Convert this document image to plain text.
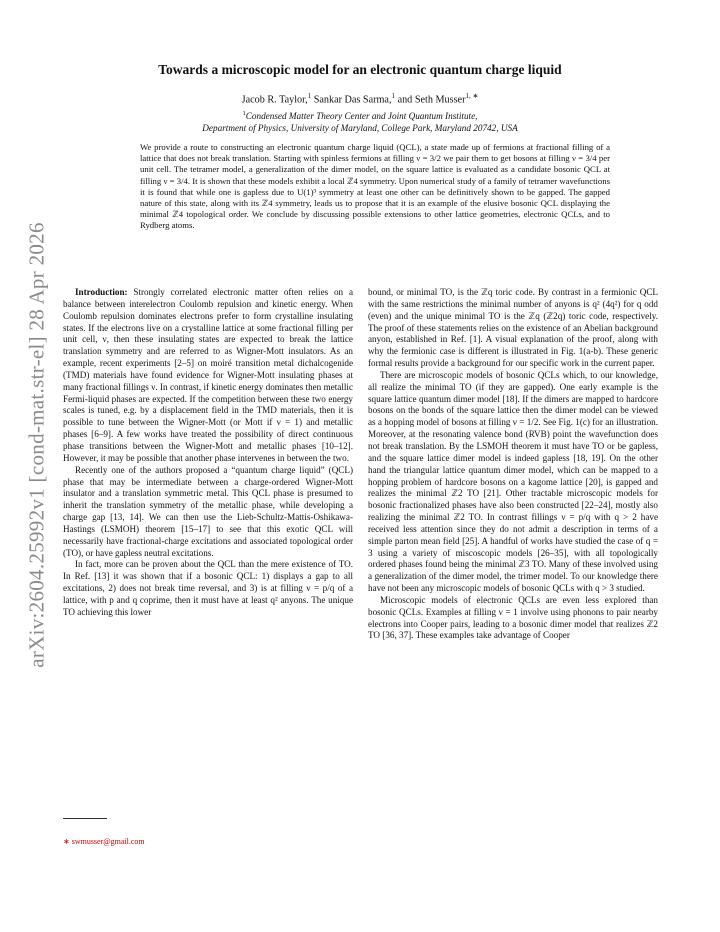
arXiv:2604.25992v1 [cond-mat.str-el] 28 Apr 2026
Towards a microscopic model for an electronic quantum charge liquid
Jacob R. Taylor,$^1$ Sankar Das Sarma,$^1$ and Seth Musser$^{1, ∗}$
$^1$Condensed Matter Theory Center and Joint Quantum Institute,
Department of Physics, University of Maryland, College Park, Maryland 20742, USA
We provide a route to constructing an electronic quantum charge liquid (QCL), a state made up of fermions at fractional filling of a lattice that does not break translation. Starting with spinless fermions at filling ν = 3/2 we pair them to get bosons at filling ν = 3/4 per unit cell. The tetramer model, a generalization of the dimer model, on the square lattice is evaluated as a candidate bosonic QCL at filling ν = 3/4. It is shown that these models exhibit a local ℤ4 symmetry. Upon numerical study of a family of tetramer wavefunctions it is found that while one is gapless due to U(1)³ symmetry at least one other can be definitively shown to be gapped. The gapped nature of this state, along with its ℤ4 symmetry, leads us to propose that it is an example of the elusive bosonic QCL displaying the minimal ℤ4 topological order. We conclude by discussing possible extensions to other lattice geometries, electronic QCLs, and to Rydberg atoms.

Introduction: Strongly correlated electronic matter often relies on a balance between interelectron Coulomb repulsion and kinetic energy. When Coulomb repulsion dominates electrons prefer to form crystalline insulating states. If the electrons live on a crystalline lattice at some fractional filling per unit cell, ν, then these insulating states are expected to break the lattice translation symmetry and are referred to as Wigner-Mott insulators. As an example, recent experiments [2–5] on moiré transition metal dichalcogenide (TMD) materials have found evidence for Wigner-Mott insulating phases at many fractional fillings ν. In contrast, if kinetic energy dominates then metallic Fermi-liquid phases are expected. If the competition between these two energy scales is tuned, e.g. by a displacement field in the TMD materials, then it is possible to tune between the Wigner-Mott (or Mott if ν = 1) and metallic phases [6–9]. A few works have treated the possibility of direct continuous phase transitions between the Wigner-Mott and metallic phases [10–12]. However, it may be possible that another phase intervenes in between the two.

Recently one of the authors proposed a “quantum charge liquid” (QCL) phase that may be intermediate between a charge-ordered Wigner-Mott insulator and a translation symmetric metal. This QCL phase is presumed to inherit the translation symmetry of the metallic phase, while developing a charge gap [13, 14]. We can then use the Lieb-Schultz-Mattis-Oshikawa-Hastings (LSMOH) theorem [15–17] to see that this exotic QCL will necessarily have fractional-charge excitations and associated topological order (TO), or have gapless neutral excitations.

In fact, more can be proven about the QCL than the mere existence of TO. In Ref. [13] it was shown that if a bosonic QCL: 1) displays a gap to all excitations, 2) does not break time reversal, and 3) is at filling ν = p/q of a lattice, with p and q coprime, then it must have at least q² anyons. The unique TO achieving this lower

bound, or minimal TO, is the ℤq toric code. By contrast in a fermionic QCL with the same restrictions the minimal number of anyons is q² (4q²) for q odd (even) and the unique minimal TO is the ℤq (ℤ2q) toric code, respectively. The proof of these statements relies on the existence of an Abelian background anyon, established in Ref. [1]. A visual explanation of the proof, along with why the fermionic case is different is illustrated in Fig. 1(a-b). These generic formal results provide a background for our specific work in the current paper.

There are microscopic models of bosonic QCLs which, to our knowledge, all realize the minimal TO (if they are gapped). One early example is the square lattice quantum dimer model [18]. If the dimers are mapped to hardcore bosons on the bonds of the square lattice then the dimer model can be viewed as a hopping model of bosons at filling ν = 1/2. See Fig. 1(c) for an illustration. Moreover, at the resonating valence bond (RVB) point the wavefunction does not break translation. By the LSMOH theorem it must have TO or be gapless, and the square lattice dimer model is indeed gapless [18, 19]. On the other hand the triangular lattice quantum dimer model, which can be mapped to a hopping problem of hardcore bosons on a kagome lattice [20], is gapped and realizes the minimal ℤ2 TO [21]. Other tractable microscopic models for bosonic fractionalized phases have also been constructed [22–24], mostly also realizing the minimal ℤ2 TO. In contrast fillings ν = p/q with q > 2 have received less attention since they do not admit a description in terms of a simple parton mean field [25]. A handful of works have studied the case of q = 3 using a variety of miscoscopic models [26–35], with all topologically ordered phases found being the minimal ℤ3 TO. Many of these involved using a generalization of the dimer model, the trimer model. To our knowledge there have not been any microscopic models of bosonic QCLs with q > 3 studied.

Microscopic models of electronic QCLs are even less explored than bosonic QCLs. Examples at filling ν = 1 involve using phonons to pair nearby electrons into Cooper pairs, leading to a bosonic dimer model that realizes ℤ2 TO [36, 37]. These examples take advantage of Cooper

∗ swmusser@gmail.com
